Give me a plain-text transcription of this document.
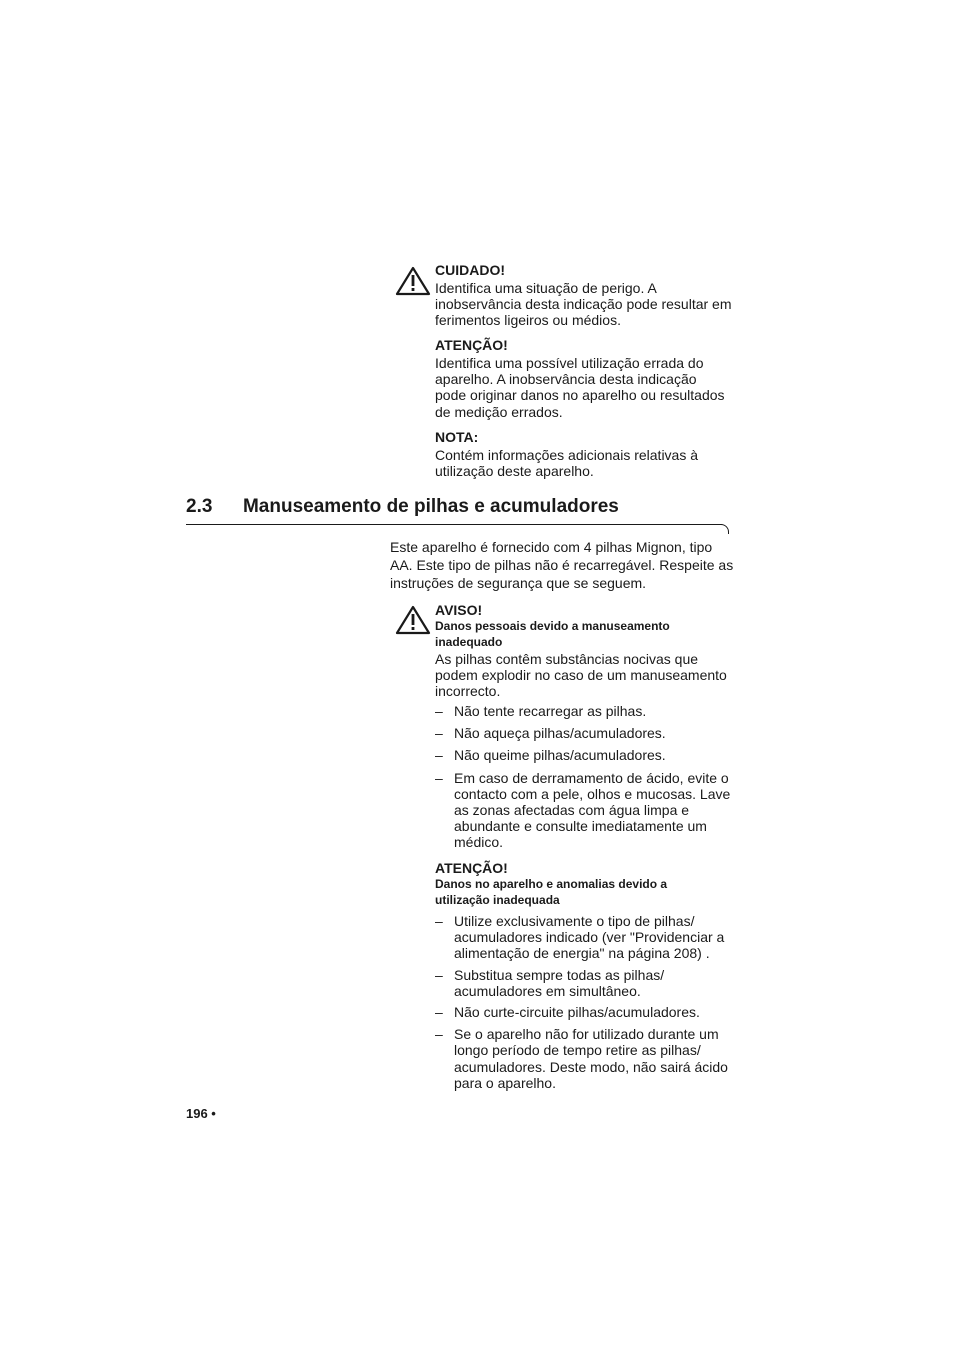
CUIDADO!
Identifica uma situação de perigo. A
inobservância desta indicação pode resultar em
ferimentos ligeiros ou médios.
ATENÇÃO!
Identifica uma possível utilização errada do
aparelho. A inobservância desta indicação
pode originar danos no aparelho ou resultados
de medição errados.
NOTA:
Contém informações adicionais relativas à
utilização deste aparelho.
2.3 Manuseamento de pilhas e acumuladores
Este aparelho é fornecido com 4 pilhas Mignon, tipo
AA. Este tipo de pilhas não é recarregável. Respeite as
instruções de segurança que se seguem.
AVISO!
Danos pessoais devido a manuseamento
inadequado
As pilhas contêm substâncias nocivas que
podem explodir no caso de um manuseamento
incorrecto.
– Não tente recarregar as pilhas.
– Não aqueça pilhas/acumuladores.
– Não queime pilhas/acumuladores.
– Em caso de derramamento de ácido, evite o
contacto com a pele, olhos e mucosas. Lave
as zonas afectadas com água limpa e
abundante e consulte imediatamente um
médico.
ATENÇÃO!
Danos no aparelho e anomalias devido a
utilização inadequada
– Utilize exclusivamente o tipo de pilhas/
acumuladores indicado (ver "Providenciar a
alimentação de energia" na página 208) .
– Substitua sempre todas as pilhas/
acumuladores em simultâneo.
– Não curte-circuite pilhas/acumuladores.
– Se o aparelho não for utilizado durante um
longo período de tempo retire as pilhas/
acumuladores. Deste modo, não sairá ácido
para o aparelho.
196 •
